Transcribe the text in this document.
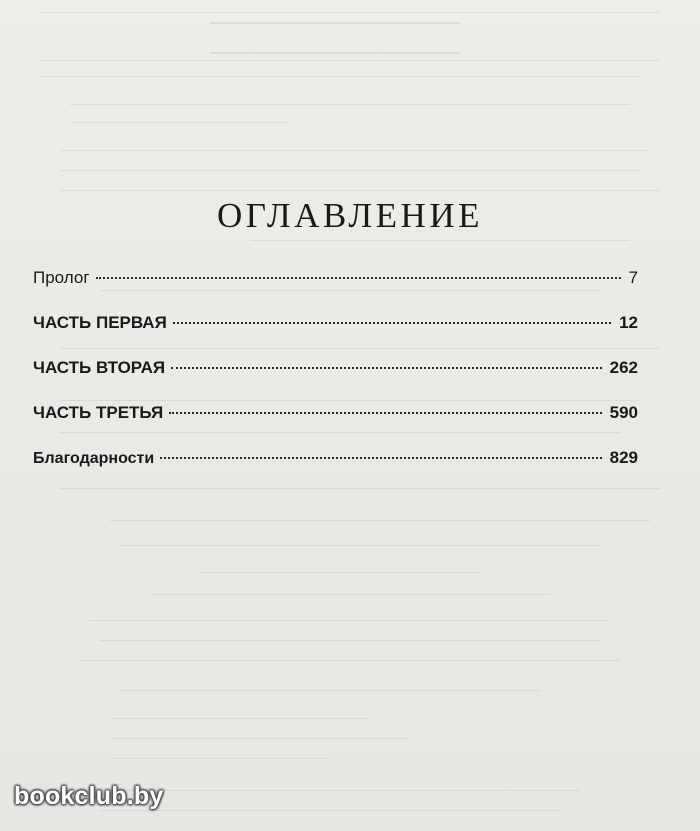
ОГЛАВЛЕНИЕ
Пролог	7
ЧАСТЬ ПЕРВАЯ	12
ЧАСТЬ ВТОРАЯ	262
ЧАСТЬ ТРЕТЬЯ	590
Благодарности	829
bookclub.by
